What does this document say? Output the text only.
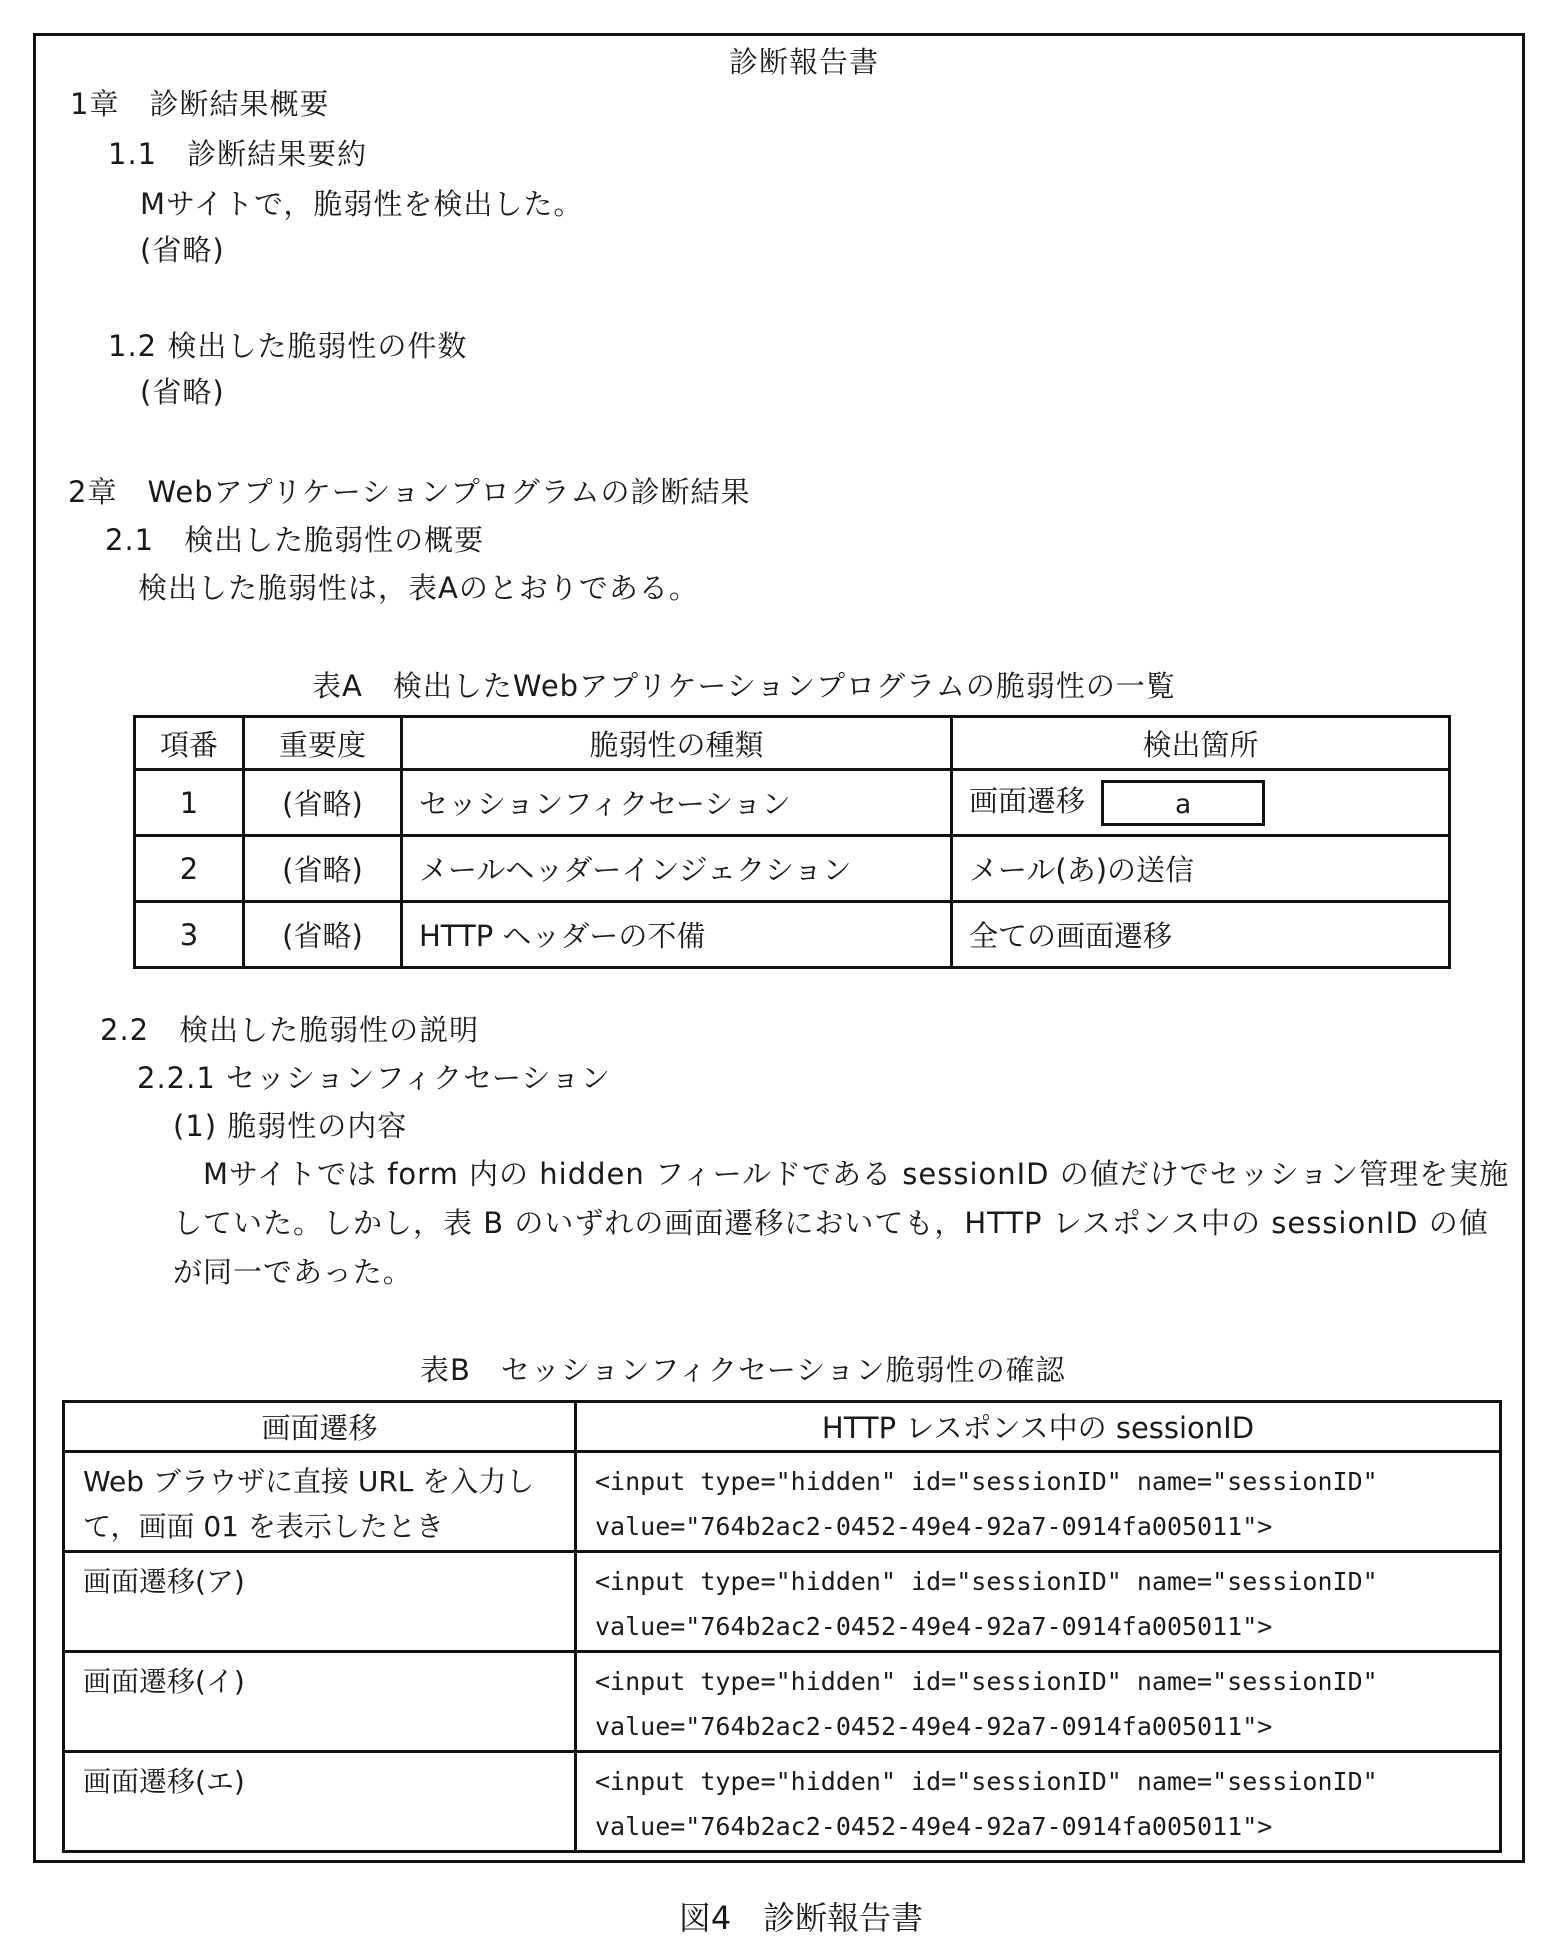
診断報告書
1章　診断結果概要
1.1　診断結果要約
Mサイトで，脆弱性を検出した。
(省略)
1.2 検出した脆弱性の件数
(省略)
2章　Webアプリケーションプログラムの診断結果
2.1　検出した脆弱性の概要
検出した脆弱性は，表Aのとおりである。
表A　検出したWebアプリケーションプログラムの脆弱性の一覧
項番	重要度	脆弱性の種類	検出箇所
1	(省略)	セッションフィクセーション	画面遷移 a
2	(省略)	メールヘッダーインジェクション	メール(あ)の送信
3	(省略)	HTTP ヘッダーの不備	全ての画面遷移
2.2　検出した脆弱性の説明
2.2.1 セッションフィクセーション
(1) 脆弱性の内容
　Mサイトでは form 内の hidden フィールドである sessionID の値だけでセッション管理を実施していた。しかし，表 B のいずれの画面遷移においても，HTTP レスポンス中の sessionID の値が同一であった。
表B　セッションフィクセーション脆弱性の確認
画面遷移	HTTP レスポンス中の sessionID
Web ブラウザに直接 URL を入力して，画面 01 を表示したとき	<input type="hidden" id="sessionID" name="sessionID"
value="764b2ac2-0452-49e4-92a7-0914fa005011">

画面遷移(ア)	<input type="hidden" id="sessionID" name="sessionID"
value="764b2ac2-0452-49e4-92a7-0914fa005011">

画面遷移(イ)	<input type="hidden" id="sessionID" name="sessionID"
value="764b2ac2-0452-49e4-92a7-0914fa005011">

画面遷移(エ)	<input type="hidden" id="sessionID" name="sessionID"
value="764b2ac2-0452-49e4-92a7-0914fa005011">
図4　診断報告書
